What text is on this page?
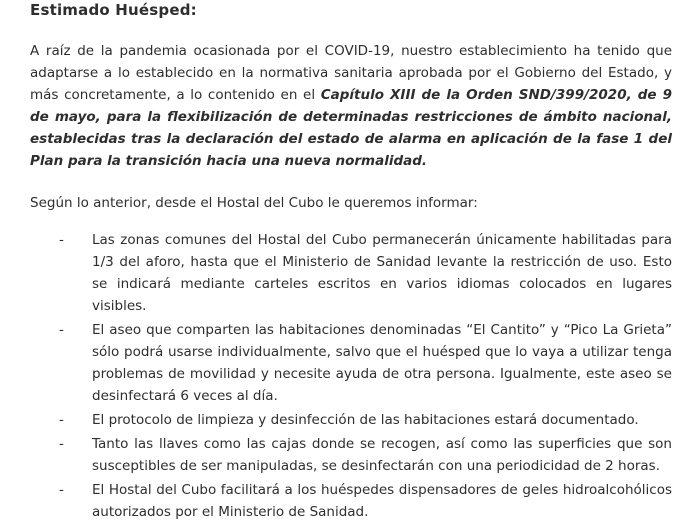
Estimado Huésped:

A raíz de la pandemia ocasionada por el COVID-19, nuestro establecimiento ha tenido que adaptarse a lo establecido en la normativa sanitaria aprobada por el Gobierno del Estado, y más concretamente, a lo contenido en el Capítulo XIII de la Orden SND/399/2020, de 9 de mayo, para la flexibilización de determinadas restricciones de ámbito nacional, establecidas tras la declaración del estado de alarma en aplicación de la fase 1 del Plan para la transición hacia una nueva normalidad.

Según lo anterior, desde el Hostal del Cubo le queremos informar:

- Las zonas comunes del Hostal del Cubo permanecerán únicamente habilitadas para 1/3 del aforo, hasta que el Ministerio de Sanidad levante la restricción de uso. Esto se indicará mediante carteles escritos en varios idiomas colocados en lugares visibles.
- El aseo que comparten las habitaciones denominadas “El Cantito” y “Pico La Grieta” sólo podrá usarse individualmente, salvo que el huésped que lo vaya a utilizar tenga problemas de movilidad y necesite ayuda de otra persona. Igualmente, este aseo se desinfectará 6 veces al día.
- El protocolo de limpieza y desinfección de las habitaciones estará documentado.
- Tanto las llaves como las cajas donde se recogen, así como las superficies que son susceptibles de ser manipuladas, se desinfectarán con una periodicidad de 2 horas.
- El Hostal del Cubo facilitará a los huéspedes dispensadores de geles hidroalcohólicos autorizados por el Ministerio de Sanidad.
